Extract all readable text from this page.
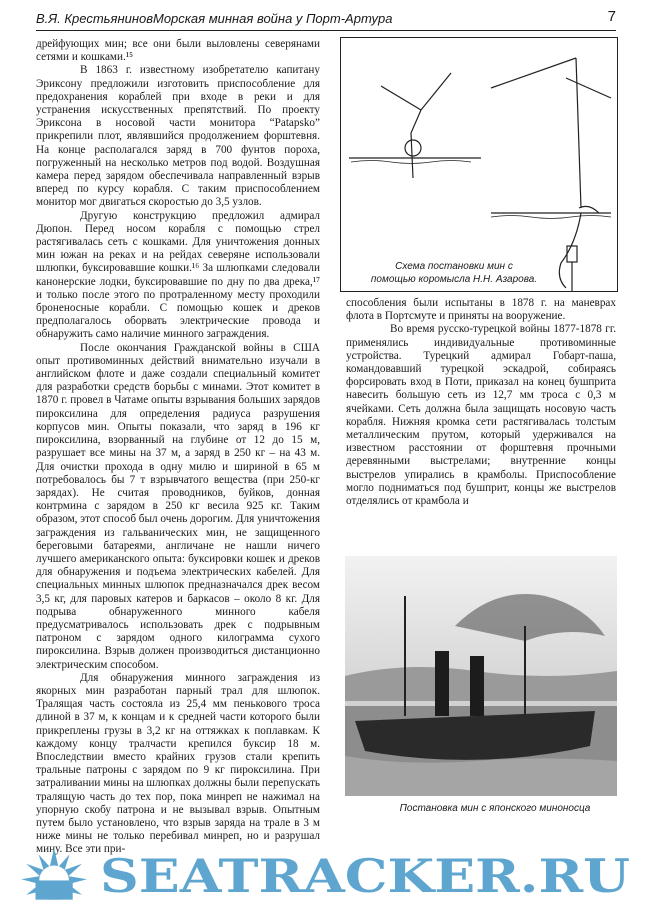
В.Я. Крестьянинов Морская минная война у Порт-Артура	7

дрейфующих мин; все они были выловлены северянами сетями и кошками.¹⁵

В 1863 г. известному изобретателю капитану Эриксону предложили изготовить приспособление для предохранения кораблей при входе в реки и для устранения искусственных препятствий. По проекту Эриксона в носовой части монитора “Patapsko” прикрепили плот, являвшийся продолжением форштевня. На конце располагался заряд в 700 фунтов пороха, погруженный на несколько метров под водой. Воздушная камера перед зарядом обеспечивала направленный взрыв вперед по курсу корабля. С таким приспособлением монитор мог двигаться скоростью до 3,5 узлов.

Другую конструкцию предложил адмирал Дюпон. Перед носом корабля с помощью стрел растягивалась сеть с кошками. Для уничтожения донных мин южан на реках и на рейдах северяне использовали шлюпки, буксировавшие кошки.¹⁶ За шлюпками следовали канонерские лодки, буксировавшие по дну по два дрека,¹⁷ и только после этого по протраленному месту проходили броненосные корабли. С помощью кошек и дреков предполагалось оборвать электрические провода и обнаружить само наличие минного заграждения.

После окончания Гражданской войны в США опыт противоминных действий внимательно изучали в английском флоте и даже создали специальный комитет для разработки средств борьбы с минами. Этот комитет в 1870 г. провел в Чатаме опыты взрывания больших зарядов пироксилина для определения радиуса разрушения корпусов мин. Опыты показали, что заряд в 196 кг пироксилина, взорванный на глубине от 12 до 15 м, разрушает все мины на 37 м, а заряд в 250 кг – на 43 м. Для очистки прохода в одну милю и шириной в 65 м потребовалось бы 7 т взрывчатого вещества (при 250-кг зарядах). Не считая проводников, буйков, донная контрмина с зарядом в 250 кг весила 925 кг. Таким образом, этот способ был очень дорогим. Для уничтожения заграждения из гальванических мин, не защищенного береговыми батареями, англичане не нашли ничего лучшего американского опыта: буксировки кошек и дреков для обнаружения и подъема электрических кабелей. Для специальных минных шлюпок предназначался дрек весом 3,5 кг, для паровых катеров и баркасов – около 8 кг. Для подрыва обнаруженного минного кабеля предусматривалось использовать дрек с подрывным патроном с зарядом одного килограмма сухого пироксилина. Взрыв должен производиться дистанционно электрическим способом.

Для обнаружения минного заграждения из якорных мин разработан парный трал для шлюпок. Тралящая часть состояла из 25,4 мм пенькового троса длиной в 37 м, к концам и к средней части которого были прикреплены грузы в 3,2 кг на оттяжках к поплавкам. К каждому концу тралчасти крепился буксир 18 м. Впоследствии вместо крайних грузов стали крепить тральные патроны с зарядом по 9 кг пироксилина. При затраливании мины на шлюпках должны были перепускать тралящую часть до тех пор, пока минреп не нажимал на упорную скобу патрона и не вызывал взрыв. Опытным путем было установлено, что взрыв заряда на трале в 3 м ниже мины не только перебивал минреп, но и разрушал мину. Все эти при-

Схема постановки мин с
помощью коромысла Н.Н. Азарова.

способления были испытаны в 1878 г. на маневрах флота в Портсмуте и приняты на вооружение.

Во время русско-турецкой войны 1877-1878 гг. применялись индивидуальные противоминные устройства. Турецкий адмирал Гобарт-паша, командовавший турецкой эскадрой, собираясь форсировать вход в Поти, приказал на конец бушприта навесить большую сеть из 12,7 мм троса с 0,3 м ячейками. Сеть должна была защищать носовую часть корабля. Нижняя кромка сети растягивалась толстым металлическим прутом, который удерживался на известном расстоянии от форштевня прочными деревянными выстрелами; внутренние концы выстрелов упирались в крамболы. Приспособление могло подниматься под бушприт, концы же выстрелов отделялись от крамбола и

Постановка мин с японского миноносца
SEATRACKER.RU
